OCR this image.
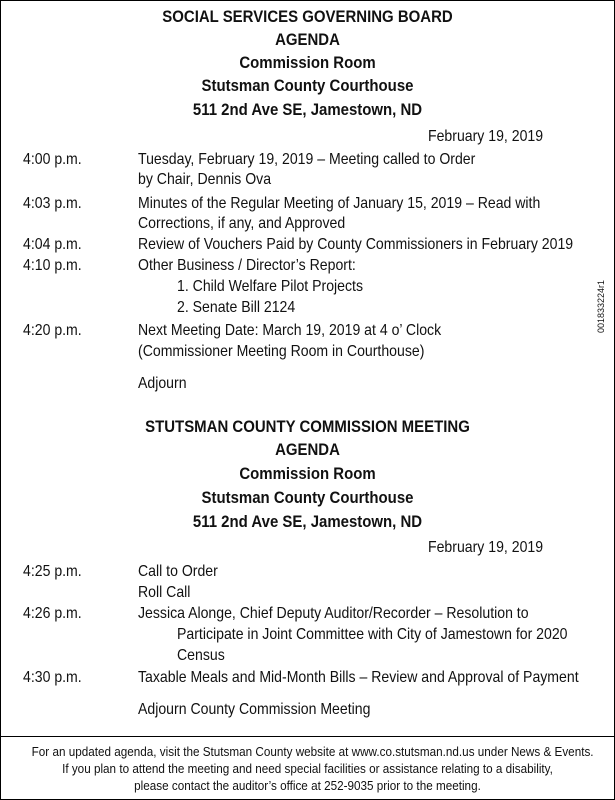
SOCIAL SERVICES GOVERNING BOARD
AGENDA
Commission Room
Stutsman County Courthouse
511 2nd Ave SE, Jamestown, ND
February 19, 2019
4:00 p.m.	Tuesday, February 19, 2019 – Meeting called to Order
by Chair, Dennis Ova
4:03 p.m.	Minutes of the Regular Meeting of January 15, 2019 – Read with
Corrections, if any, and Approved
4:04 p.m.	Review of Vouchers Paid by County Commissioners in February 2019
4:10 p.m.	Other Business / Director’s Report:
1. Child Welfare Pilot Projects
2. Senate Bill 2124
4:20 p.m.	Next Meeting Date: March 19, 2019 at 4 o’ Clock
(Commissioner Meeting Room in Courthouse)
Adjourn
001833224r1
STUTSMAN COUNTY COMMISSION MEETING
AGENDA
Commission Room
Stutsman County Courthouse
511 2nd Ave SE, Jamestown, ND
February 19, 2019
4:25 p.m.	Call to Order
Roll Call
4:26 p.m.	Jessica Alonge, Chief Deputy Auditor/Recorder – Resolution to
Participate in Joint Committee with City of Jamestown for 2020
Census
4:30 p.m.	Taxable Meals and Mid-Month Bills – Review and Approval of Payment
Adjourn County Commission Meeting
For an updated agenda, visit the Stutsman County website at www.co.stutsman.nd.us under News & Events.
If you plan to attend the meeting and need special facilities or assistance relating to a disability,
please contact the auditor’s office at 252-9035 prior to the meeting.
